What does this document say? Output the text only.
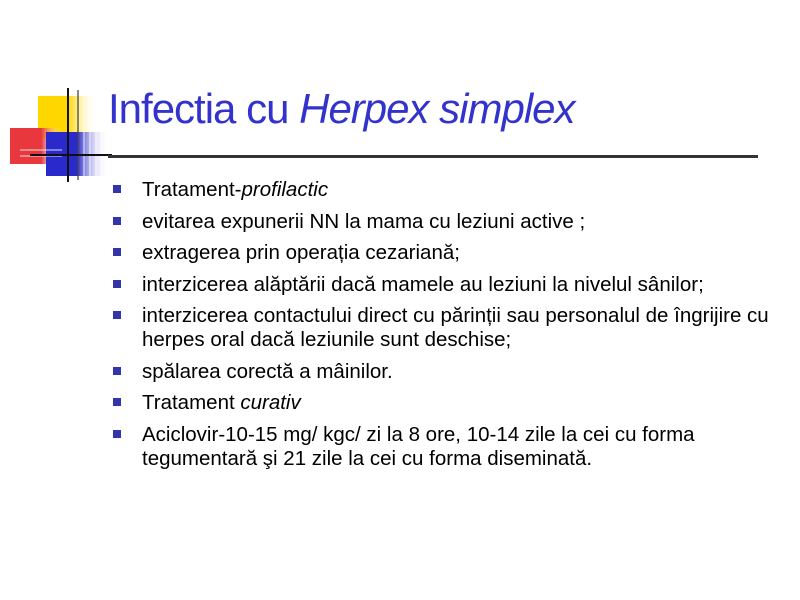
Infectia cu Herpex simplex
Tratament-profilactic
evitarea expunerii NN la mama cu leziuni active ;
extragerea prin operația cezariană;
interzicerea alăptării dacă mamele au leziuni la nivelul sânilor;
interzicerea contactului direct cu părinții sau personalul de îngrijire cu herpes oral dacă leziunile sunt deschise;
spălarea corectă a mâinilor.
Tratament curativ
Aciclovir-10-15 mg/ kgc/ zi la 8 ore, 10-14 zile la cei cu forma tegumentară şi 21 zile la cei cu forma diseminată.
